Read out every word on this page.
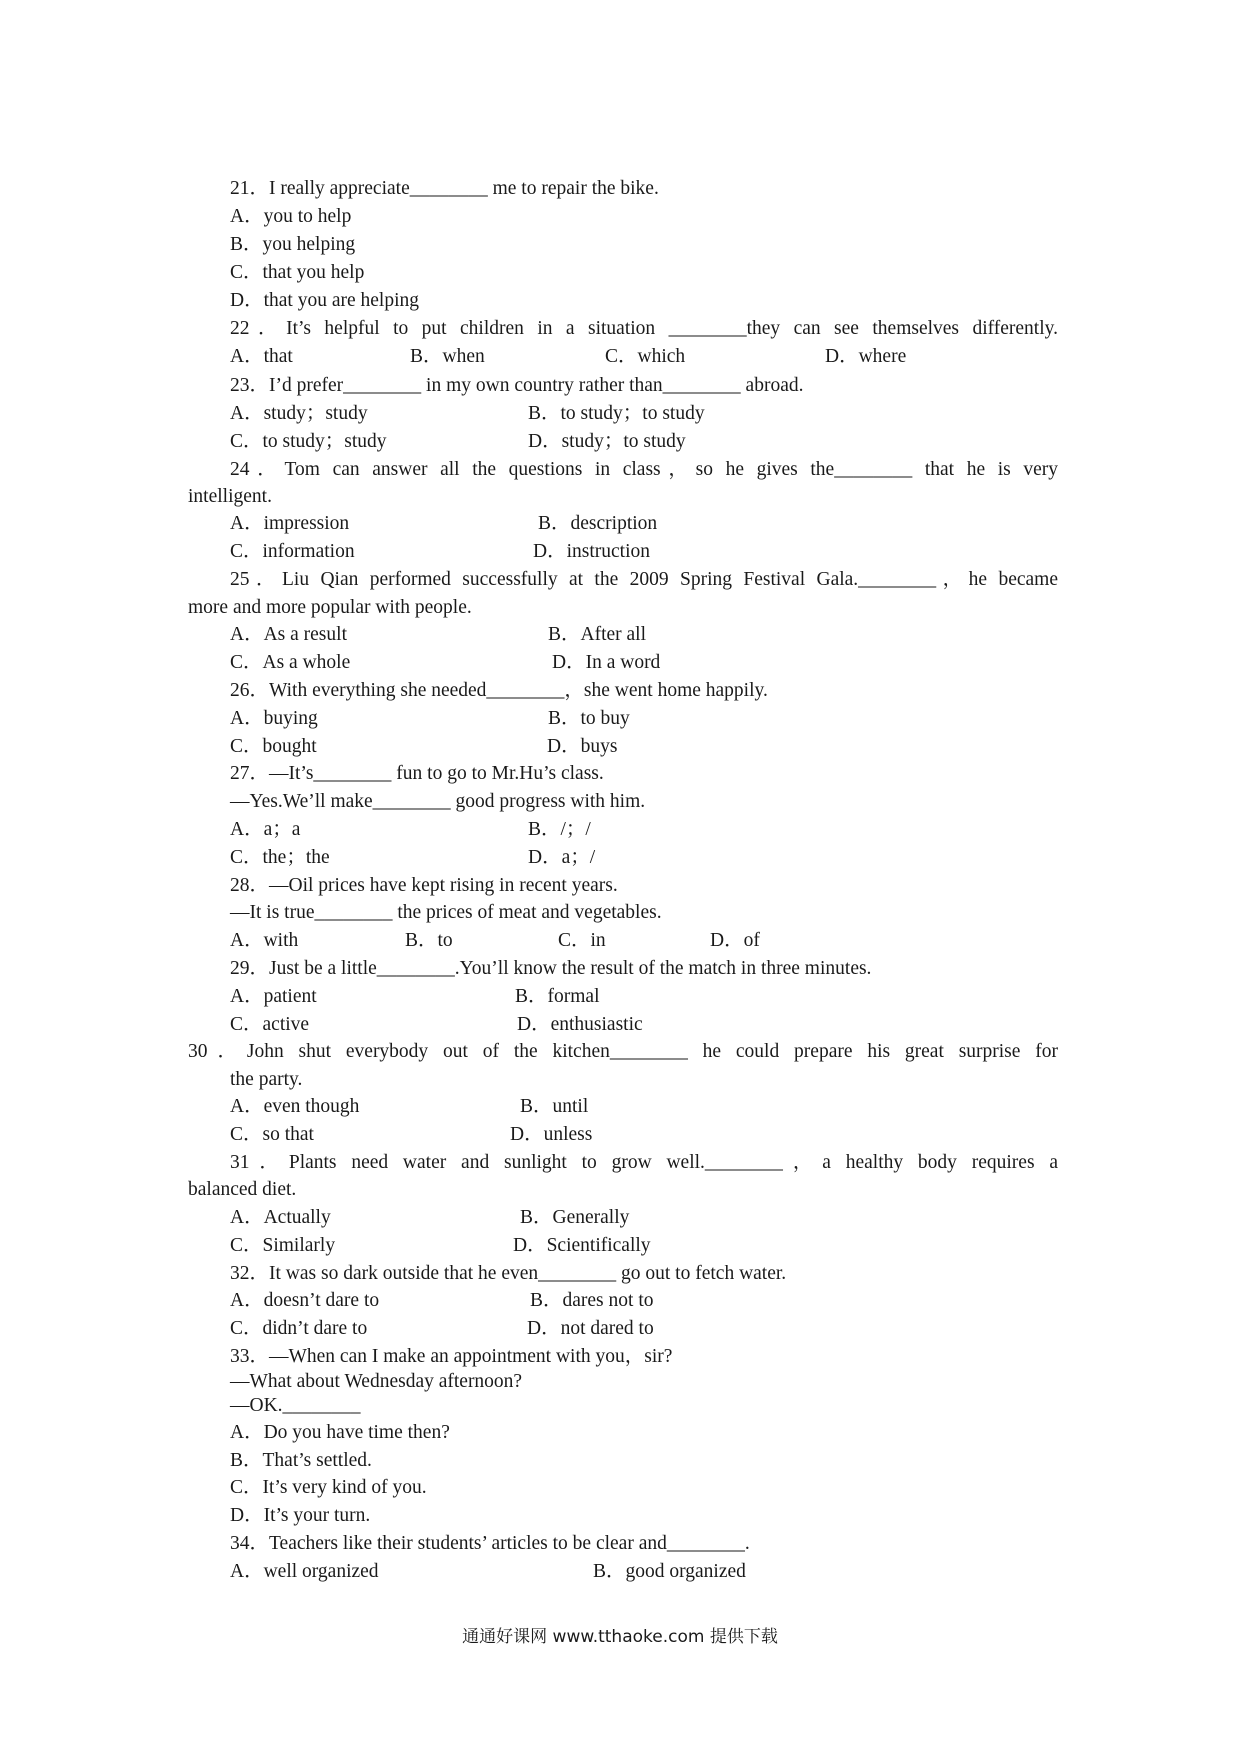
21．I really appreciate________ me to repair the bike.
A．you to help
B．you helping
C．that you help
D．that you are helping
22．It’s helpful to put children in a situation ________they can see themselves differently.
A．that	B．when	C．which	D．where
23．I’d prefer________ in my own country rather than________ abroad.
A．study；study	B．to study；to study
C．to study；study	D．study；to study
24．Tom can answer all the questions in class，so he gives the________ that he is very
intelligent.
A．impression	B．description
C．information	D．instruction
25．Liu Qian performed successfully at the 2009 Spring Festival Gala.________，he became
more and more popular with people.
A．As a result	B．After all
C．As a whole	D．In a word
26．With everything she needed________，she went home happily.
A．buying	B．to buy
C．bought	D．buys
27．—It’s________ fun to go to Mr.Hu’s class.
—Yes.We’ll make________ good progress with him.
A．a；a	B．/；/
C．the；the	D．a；/
28．—Oil prices have kept rising in recent years.
—It is true________ the prices of meat and vegetables.
A．with	B．to	C．in	D．of
29．Just be a little________.You’ll know the result of the match in three minutes.
A．patient	B．formal
C．active	D．enthusiastic
30．John shut everybody out of the kitchen________ he could prepare his great surprise for
the party.
A．even though	B．until
C．so that	D．unless
31．Plants need water and sunlight to grow well.________，a healthy body requires a
balanced diet.
A．Actually	B．Generally
C．Similarly	D．Scientifically
32．It was so dark outside that he even________ go out to fetch water.
A．doesn’t dare to	B．dares not to
C．didn’t dare to	D．not dared to
33．—When can I make an appointment with you，sir?
—What about Wednesday afternoon?
—OK.________
A．Do you have time then?
B．That’s settled.
C．It’s very kind of you.
D．It’s your turn.
34．Teachers like their students’ articles to be clear and________.
A．well organized	B．good organized
通通好课网 www.tthaoke.com 提供下载
